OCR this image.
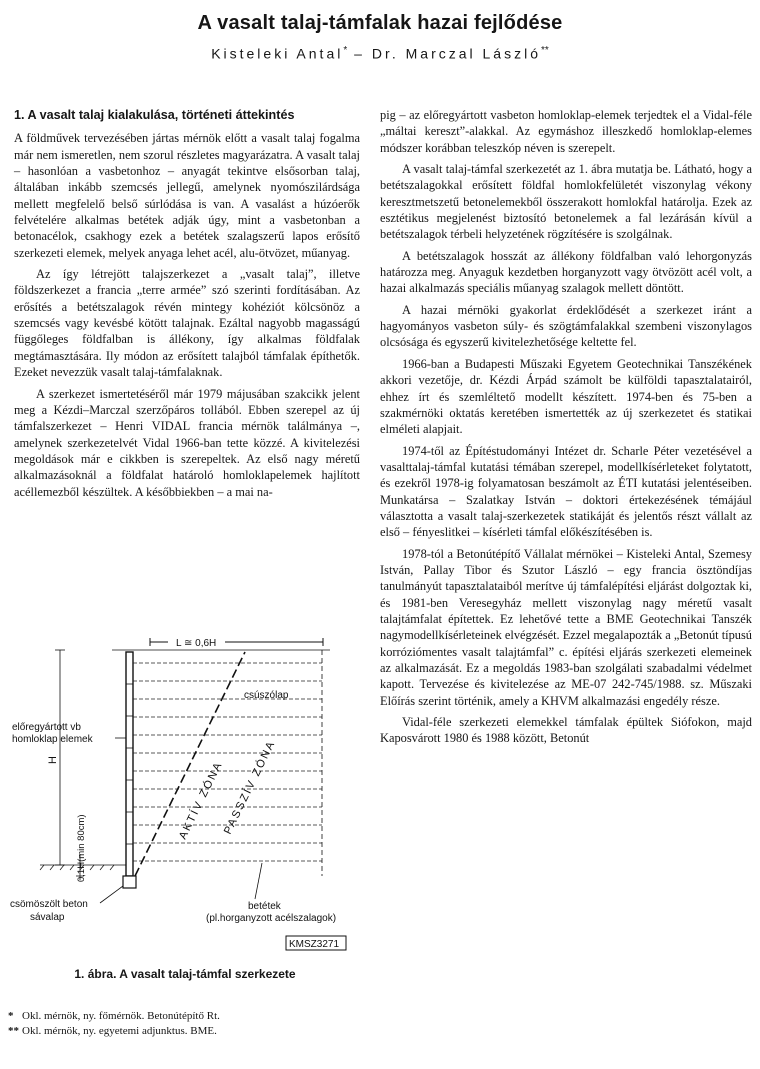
A vasalt talaj-támfalak hazai fejlődése
Kisteleki Antal* – Dr. Marczal László**
1. A vasalt talaj kialakulása, történeti áttekintés

A földművek tervezésében jártas mérnök előtt a vasalt talaj fogalma már nem ismeretlen, nem szorul részletes magyarázatra. A vasalt talaj – hasonlóan a vasbetonhoz – anyagát tekintve elsősorban talaj, általában inkább szemcsés jellegű, amelynek nyomószilárdsága mellett megfelelő belső súrlódása is van. A vasalást a húzóerők felvételére alkalmas betétek adják úgy, mint a vasbetonban a betonacélok, csakhogy ezek a betétek szalagszerű lapos erősítő szerkezeti elemek, melyek anyaga lehet acél, alu-ötvözet, műanyag.

Az így létrejött talajszerkezet a „vasalt talaj”, illetve földszerkezet a francia „terre armée” szó szerinti fordításában. Az erősítés a betétszalagok révén mintegy kohéziót kölcsönöz a szemcsés vagy kevésbé kötött talajnak. Ezáltal nagyobb magasságú függőleges földfalban is állékony, így alkalmas földfalak megtámasztására. Ily módon az erősített talajból támfalak építhetők. Ezeket nevezzük vasalt talaj-támfalaknak.

A szerkezet ismertetéséről már 1979 májusában szakcikk jelent meg a Kézdi–Marczal szerzőpáros tollából. Ebben szerepel az új támfalszerkezet – Henri VIDAL francia mérnök találmánya –, amelynek szerkezetelvét Vidal 1966-ban tette közzé. A kivitelezési megoldások már e cikkben is szerepeltek. Az első nagy méretű alkalmazásoknál a földfalat határoló homloklapelemek hajlított acéllemezből készültek. A későbbiekben – a mai na-

pig – az előregyártott vasbeton homloklap-elemek terjedtek el a Vidal-féle „máltai kereszt”-alakkal. Az egymáshoz illeszkedő homloklap-elemes módszer korábban teleszkóp néven is szerepelt.

A vasalt talaj-támfal szerkezetét az 1. ábra mutatja be. Látható, hogy a betétszalagokkal erősített földfal homlokfelületét viszonylag vékony keresztmetszetű betonelemekből összerakott homlokfal határolja. Ezek az esztétikus megjelenést biztosító betonelemek a fal lezárásán kívül a betétszalagok térbeli helyzetének rögzítésére is szolgálnak.

A betétszalagok hosszát az állékony földfalban való lehorgonyzás határozza meg. Anyaguk kezdetben horganyzott vagy ötvözött acél volt, a hazai alkalmazás speciális műanyag szalagok mellett döntött.

A hazai mérnöki gyakorlat érdeklődését a szerkezet iránt a hagyományos vasbeton súly- és szögtámfalakkal szembeni viszonylagos olcsósága és egyszerű kivitelezhetősége keltette fel.

1966-ban a Budapesti Műszaki Egyetem Geotechnikai Tanszékének akkori vezetője, dr. Kézdi Árpád számolt be külföldi tapasztalatairól, ehhez írt és szemléltető modellt készített. 1974-ben és 75-ben a szakmérnöki oktatás keretében ismertették az új szerkezetet és statikai elméleti alapjait.

1974-től az Építéstudományi Intézet dr. Scharle Péter vezetésével a vasalttalaj-támfal kutatási témában szerepel, modellkísérleteket folytatott, és ezekről 1978-ig folyamatosan beszámolt az ÉTI kutatási jelentéseiben. Munkatársa – Szalatkay István – doktori értekezésének témájául választotta a vasalt talaj-szerkezetek statikáját és jelentős részt vállalt az első – fényeslitkei – kísérleti támfal előkészítésében is.

1978-tól a Betonútépítő Vállalat mérnökei – Kisteleki Antal, Szemesy István, Pallay Tibor és Szutor László – egy francia ösztöndíjas tanulmányút tapasztalataiból merítve új támfalépítési eljárást dolgoztak ki, és 1981-ben Veresegyház mellett viszonylag nagy méretű vasalt talajtámfalat építettek. Ez lehetővé tette a BME Geotechnikai Tanszék nagymodellkísérleteinek elvégzését. Ezzel megalapozták a „Betonút típusú korróziómentes vasalt talajtámfal” c. építési eljárás szerkezeti elemeinek az alkalmazását. Ez a megoldás 1983-ban szolgálati szabadalmi védelmet kapott. Tervezése és kivitelezése az ME-07 242-745/1988. sz. Műszaki Előírás szerint történik, amely a KHVM alkalmazási engedély része.

Vidal-féle szerkezeti elemekkel támfalak épültek Siófokon, majd Kaposvárott 1980 és 1988 között, Betonút

L ≅ 0,6H
csúszólap
AKTÍV ZÓNA
PASSZÍV ZÓNA
előregyártott vb
homloklap elemek
H
0,1H(min 80cm)
csömöszölt beton
sávalap
betétek
(pl.horganyzott acélszalagok)
KMSZ3271
1. ábra. A vasalt talaj-támfal szerkezete
* Okl. mérnök, ny. főmérnök. Betonútépítő Rt.
** Okl. mérnök, ny. egyetemi adjunktus. BME.
